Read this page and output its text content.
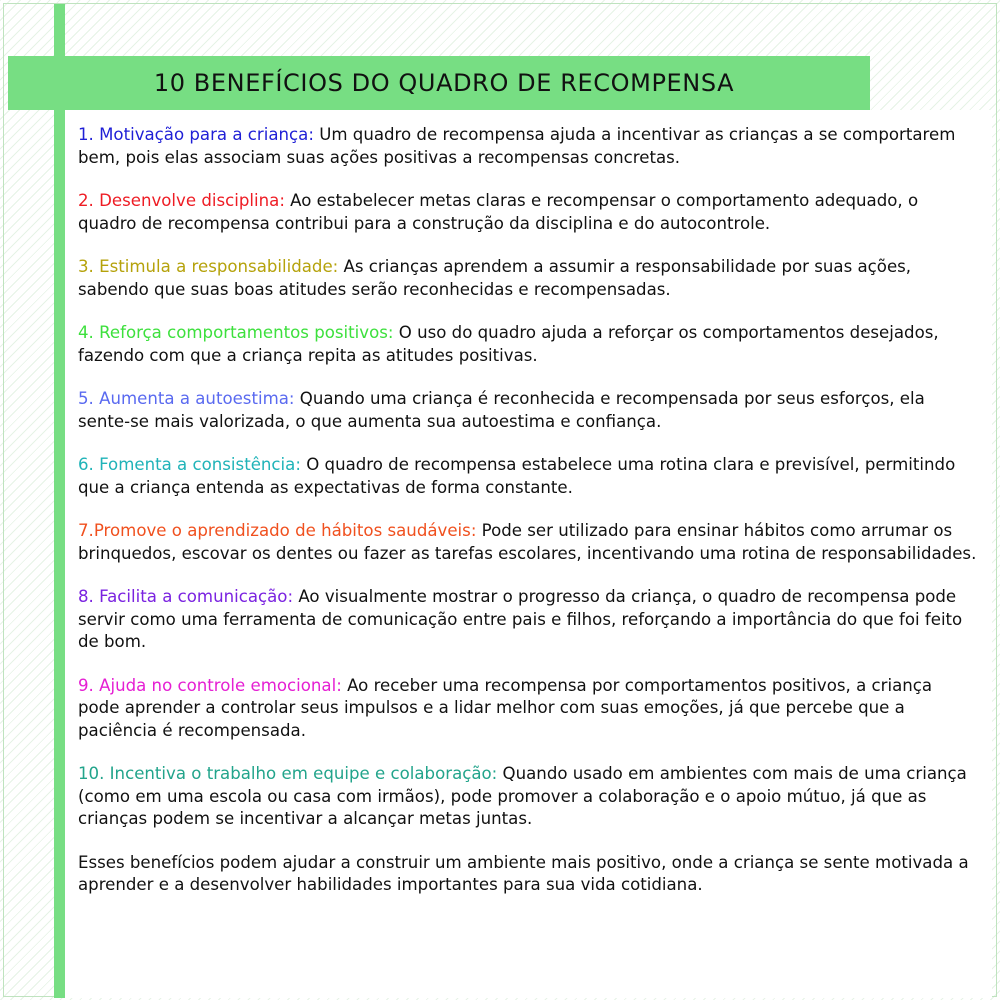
10 BENEFÍCIOS DO QUADRO DE RECOMPENSA

1. Motivação para a criança: Um quadro de recompensa ajuda a incentivar as crianças a se comportarem bem, pois elas associam suas ações positivas a recompensas concretas.

2. Desenvolve disciplina: Ao estabelecer metas claras e recompensar o comportamento adequado, o quadro de recompensa contribui para a construção da disciplina e do autocontrole.

3. Estimula a responsabilidade: As crianças aprendem a assumir a responsabilidade por suas ações, sabendo que suas boas atitudes serão reconhecidas e recompensadas.

4. Reforça comportamentos positivos: O uso do quadro ajuda a reforçar os comportamentos desejados, fazendo com que a criança repita as atitudes positivas.

5. Aumenta a autoestima: Quando uma criança é reconhecida e recompensada por seus esforços, ela sente-se mais valorizada, o que aumenta sua autoestima e confiança.

6. Fomenta a consistência: O quadro de recompensa estabelece uma rotina clara e previsível, permitindo que a criança entenda as expectativas de forma constante.

7.Promove o aprendizado de hábitos saudáveis: Pode ser utilizado para ensinar hábitos como arrumar os brinquedos, escovar os dentes ou fazer as tarefas escolares, incentivando uma rotina de responsabilidades.

8. Facilita a comunicação: Ao visualmente mostrar o progresso da criança, o quadro de recompensa pode servir como uma ferramenta de comunicação entre pais e filhos, reforçando a importância do que foi feito de bom.

9. Ajuda no controle emocional: Ao receber uma recompensa por comportamentos positivos, a criança pode aprender a controlar seus impulsos e a lidar melhor com suas emoções, já que percebe que a paciência é recompensada.

10. Incentiva o trabalho em equipe e colaboração: Quando usado em ambientes com mais de uma criança (como em uma escola ou casa com irmãos), pode promover a colaboração e o apoio mútuo, já que as crianças podem se incentivar a alcançar metas juntas.

Esses benefícios podem ajudar a construir um ambiente mais positivo, onde a criança se sente motivada a aprender e a desenvolver habilidades importantes para sua vida cotidiana.
